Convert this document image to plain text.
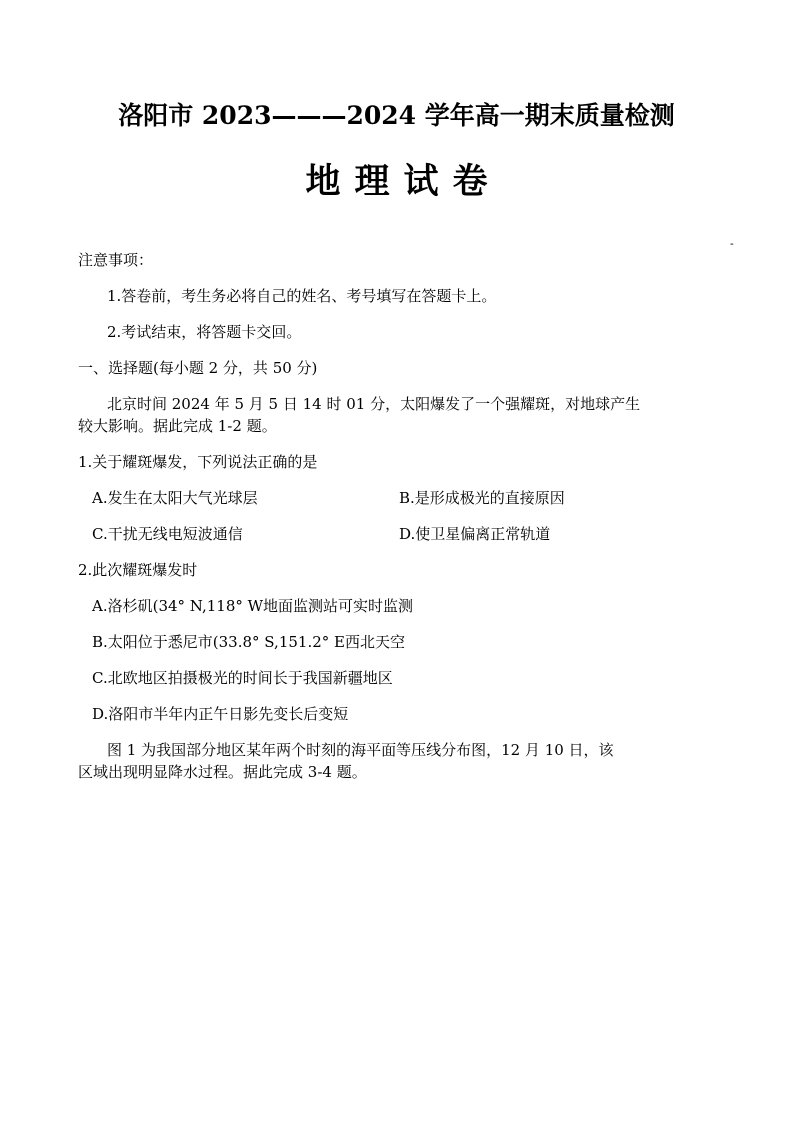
洛阳市 2023———2024 学年高一期末质量检测
地理试卷
-
注意事项：
1.答卷前，考生务必将自己的姓名、考号填写在答题卡上。
2.考试结束，将答题卡交回。
一、选择题(每小题 2 分，共 50 分)
北京时间 2024 年 5 月 5 日 14 时 01 分，太阳爆发了一个强耀斑，对地球产生
较大影响。据此完成 1-2 题。
1.关于耀斑爆发，下列说法正确的是
A.发生在太阳大气光球层	B.是形成极光的直接原因
C.干扰无线电短波通信	D.使卫星偏离正常轨道
2.此次耀斑爆发时
A.洛杉矶(34° N,118° W地面监测站可实时监测
B.太阳位于悉尼市(33.8° S,151.2° E西北天空
C.北欧地区拍摄极光的时间长于我国新疆地区
D.洛阳市半年内正午日影先变长后变短
图 1 为我国部分地区某年两个时刻的海平面等压线分布图，12 月 10 日，该
区域出现明显降水过程。据此完成 3-4 题。
